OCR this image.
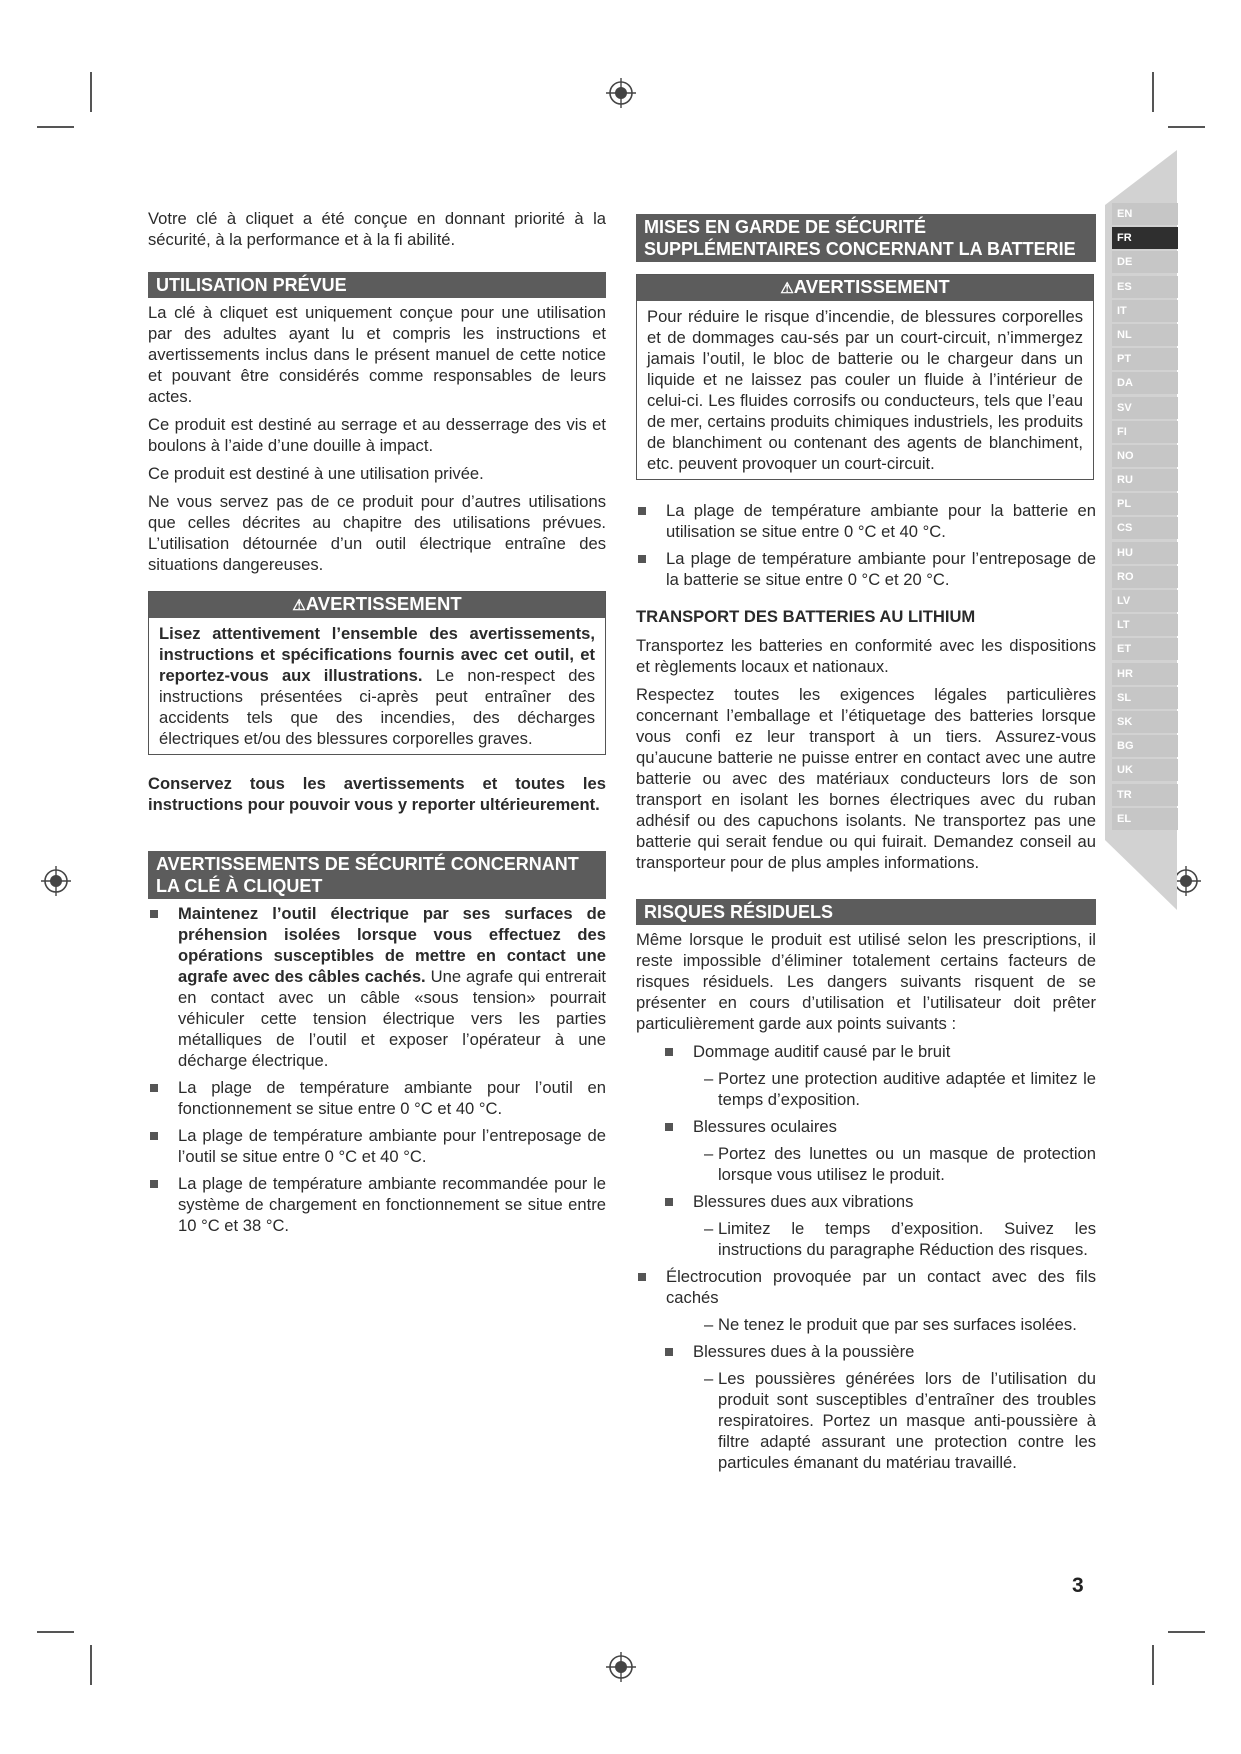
EN
FR
DE
ES
IT
NL
PT
DA
SV
FI
NO
RU
PL
CS
HU
RO
LV
LT
ET
HR
SL
SK
BG
UK
TR
EL

Votre clé à cliquet a été conçue en donnant priorité à la sécurité, à la performance et à la fi abilité.

UTILISATION PRÉVUE

La clé à cliquet est uniquement conçue pour une utilisation par des adultes ayant lu et compris les instructions et avertissements inclus dans le présent manuel de cette notice et pouvant être considérés comme responsables de leurs actes.

Ce produit est destiné au serrage et au desserrage des vis et boulons à l’aide d’une douille à impact.

Ce produit est destiné à une utilisation privée.

Ne vous servez pas de ce produit pour d’autres utilisations que celles décrites au chapitre des utilisations prévues. L’utilisation détournée d’un outil électrique entraîne des situations dangereuses.

⚠AVERTISSEMENT
Lisez attentivement l’ensemble des avertissements, instructions et spécifications fournis avec cet outil, et reportez-vous aux illustrations. Le non-respect des instructions présentées ci-après peut entraîner des accidents tels que des incendies, des décharges électriques et/ou des blessures corporelles graves.

Conservez tous les avertissements et toutes les instructions pour pouvoir vous y reporter ultérieurement.

AVERTISSEMENTS DE SÉCURITÉ CONCERNANT LA CLÉ À CLIQUET
Maintenez l’outil électrique par ses surfaces de préhension isolées lorsque vous effectuez des opérations susceptibles de mettre en contact une agrafe avec des câbles cachés. Une agrafe qui entrerait en contact avec un câble «sous tension» pourrait véhiculer cette tension électrique vers les parties métalliques de l’outil et exposer l’opérateur à une décharge électrique.
La plage de température ambiante pour l’outil en fonctionnement se situe entre 0 °C et 40 °C.
La plage de température ambiante pour l’entreposage de l’outil se situe entre 0 °C et 40 °C.
La plage de température ambiante recommandée pour le système de chargement en fonctionnement se situe entre 10 °C et 38 °C.
MISES EN GARDE DE SÉCURITÉ SUPPLÉMENTAIRES CONCERNANT LA BATTERIE
⚠AVERTISSEMENT
Pour réduire le risque d’incendie, de blessures corporelles et de dommages cau-sés par un court-circuit, n’immergez jamais l’outil, le bloc de batterie ou le chargeur dans un liquide et ne laissez pas couler un fluide à l’intérieur de celui-ci. Les fluides corrosifs ou conducteurs, tels que l’eau de mer, certains produits chimiques industriels, les produits de blanchiment ou contenant des agents de blanchiment, etc. peuvent provoquer un court-circuit.
La plage de température ambiante pour la batterie en utilisation se situe entre 0 °C et 40 °C.
La plage de température ambiante pour l’entreposage de la batterie se situe entre 0 °C et 20 °C.
TRANSPORT DES BATTERIES AU LITHIUM

Transportez les batteries en conformité avec les dispositions et règlements locaux et nationaux.

Respectez toutes les exigences légales particulières concernant l’emballage et l’étiquetage des batteries lorsque vous confi ez leur transport à un tiers. Assurez-vous qu’aucune batterie ne puisse entrer en contact avec une autre batterie ou avec des matériaux conducteurs lors de son transport en isolant les bornes électriques avec du ruban adhésif ou des capuchons isolants. Ne transportez pas une batterie qui serait fendue ou qui fuirait. Demandez conseil au transporteur pour de plus amples informations.

RISQUES RÉSIDUELS

Même lorsque le produit est utilisé selon les prescriptions, il reste impossible d’éliminer totalement certains facteurs de risques résiduels. Les dangers suivants risquent de se présenter en cours d’utilisation et l’utilisateur doit prêter particulièrement garde aux points suivants :

Dommage auditif causé par le bruit
– Portez une protection auditive adaptée et limitez le temps d’exposition.
Blessures oculaires
– Portez des lunettes ou un masque de protection lorsque vous utilisez le produit.
Blessures dues aux vibrations
– Limitez le temps d’exposition. Suivez les instructions du paragraphe Réduction des risques.
Électrocution provoquée par un contact avec des fils cachés
– Ne tenez le produit que par ses surfaces isolées.
Blessures dues à la poussière
– Les poussières générées lors de l’utilisation du produit sont susceptibles d’entraîner des troubles respiratoires. Portez un masque anti-poussière à filtre adapté assurant une protection contre les particules émanant du matériau travaillé.
3
